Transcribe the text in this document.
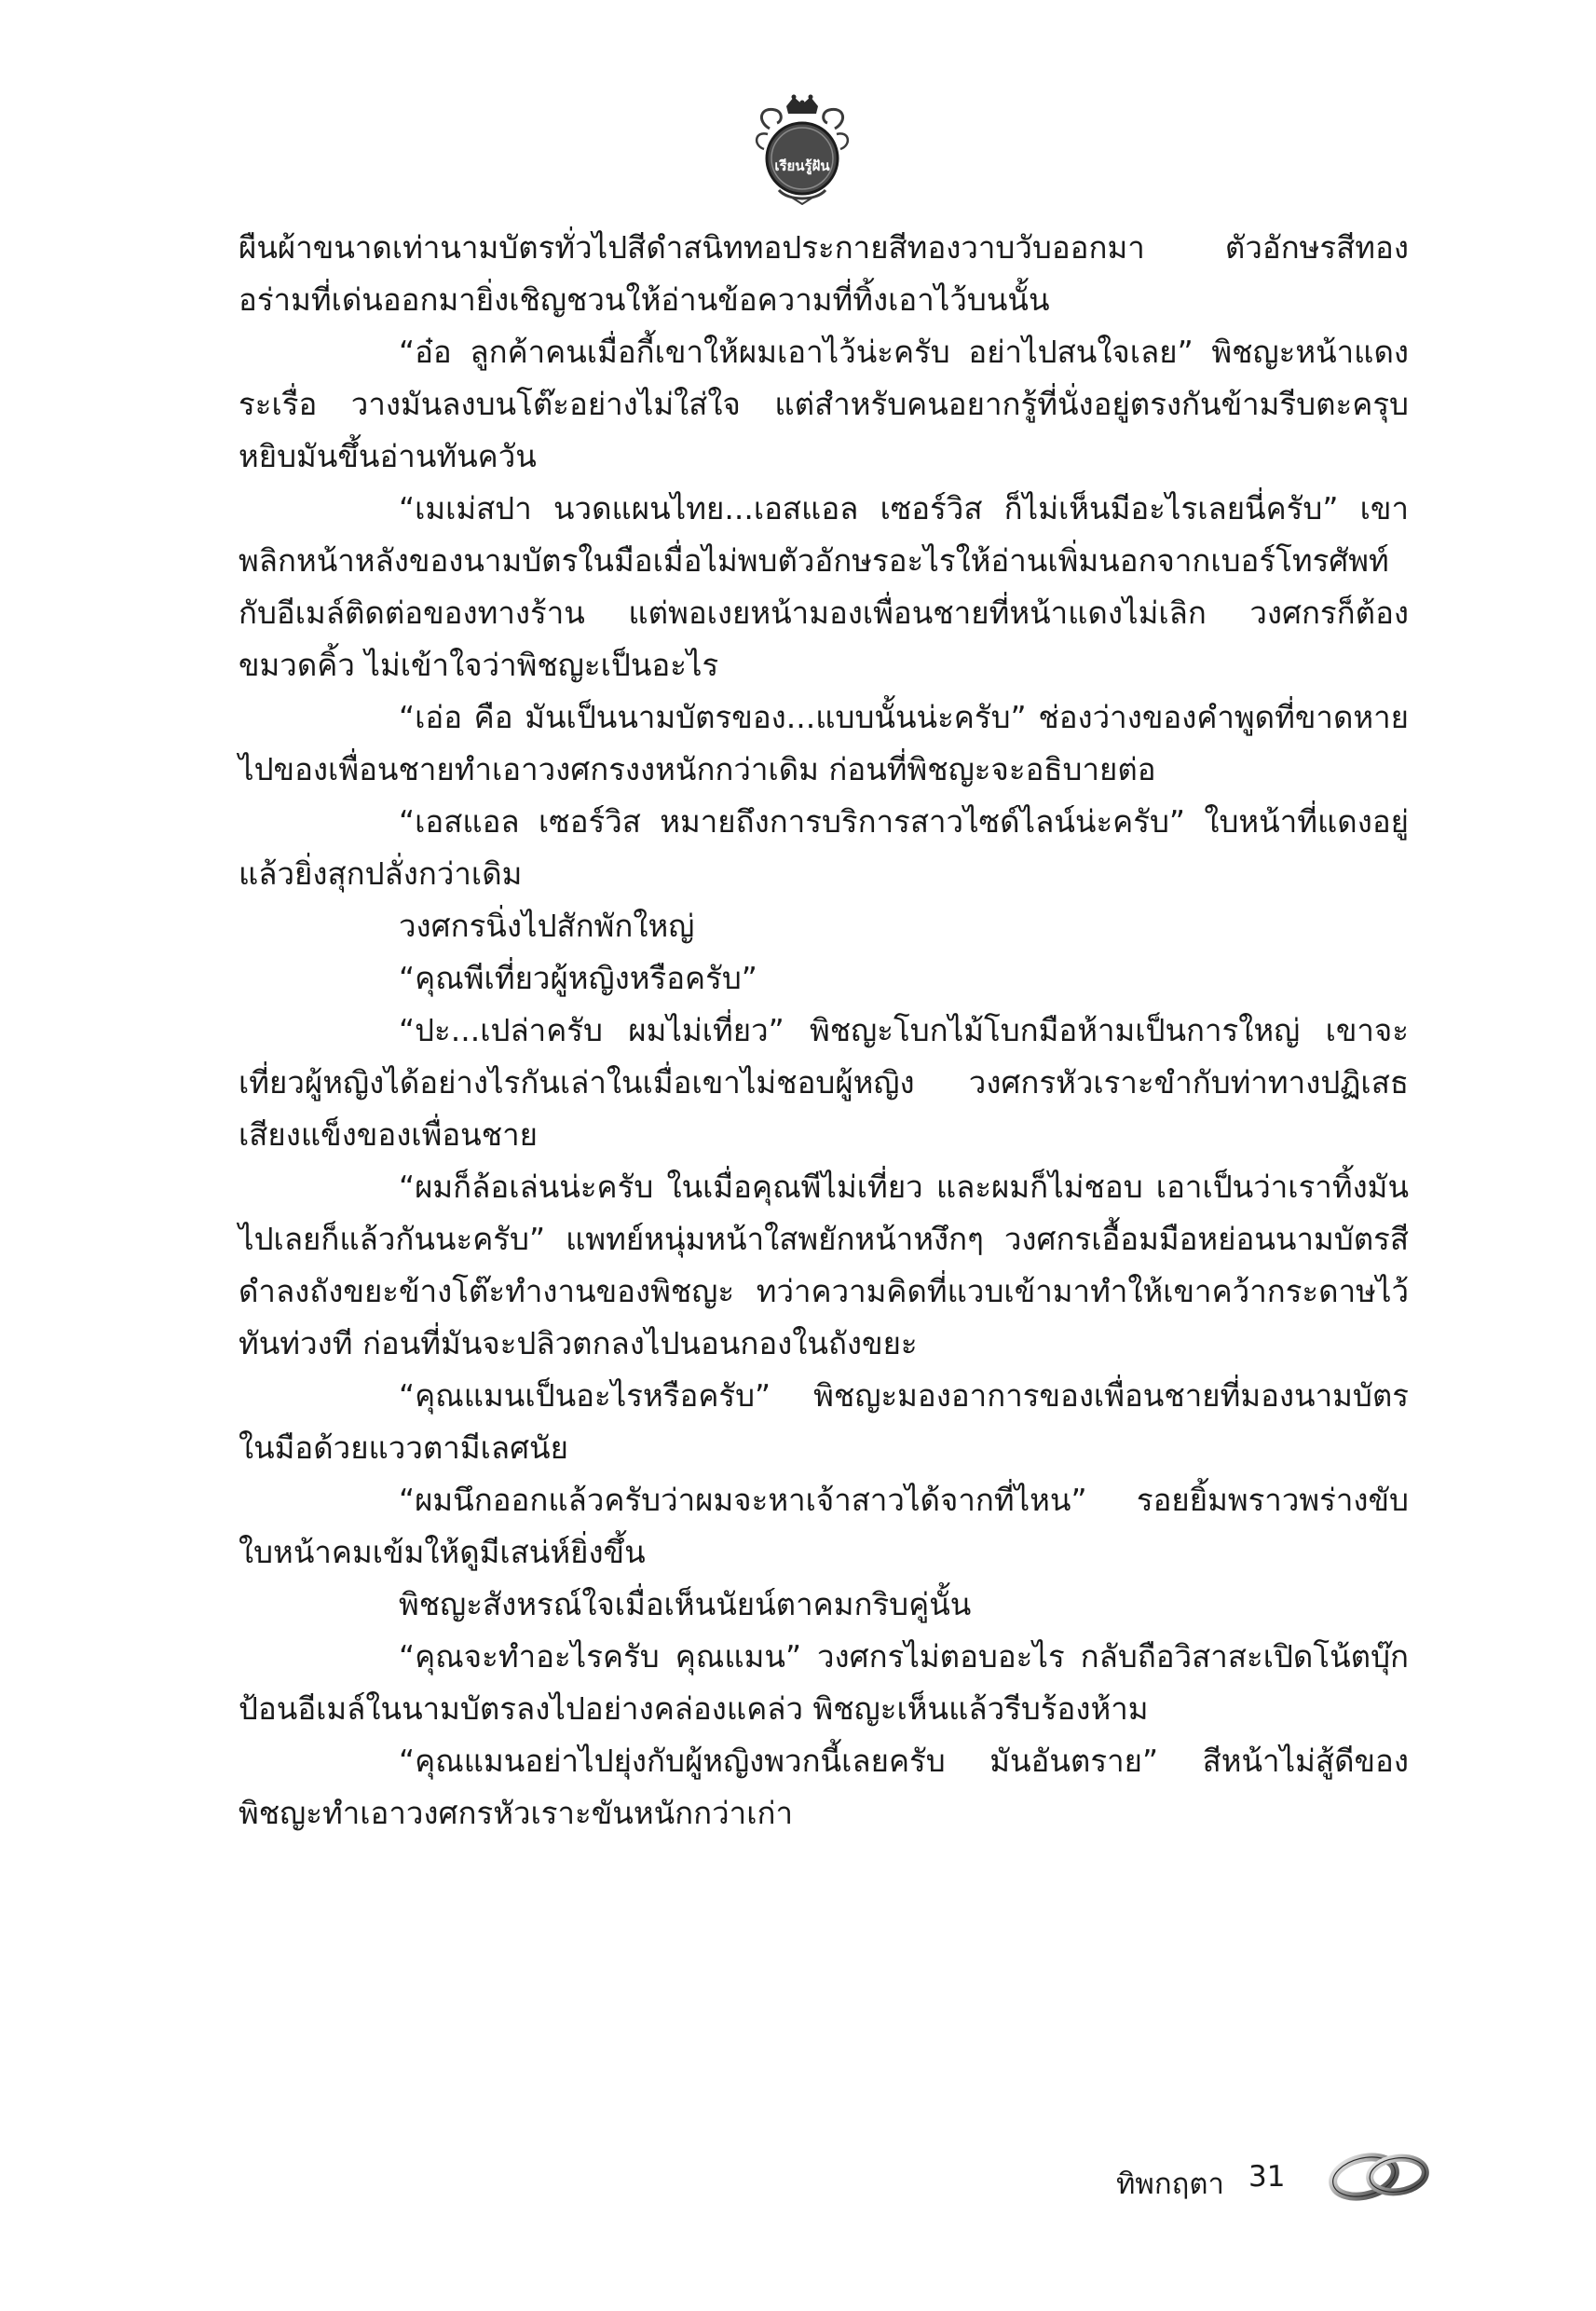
เรียนรู้ฝัน

ผืนผ้าขนาดเท่านามบัตรทั่วไปสีดำสนิททอประกายสีทองวาบวับออกมา ตัวอักษรสีทองอร่ามที่เด่นออกมายิ่งเชิญชวนให้อ่านข้อความที่ทิ้งเอาไว้บนนั้น

“อ๋อ ลูกค้าคนเมื่อกี้เขาให้ผมเอาไว้น่ะครับ อย่าไปสนใจเลย” พิชญะหน้าแดงระเรื่อ วางมันลงบนโต๊ะอย่างไม่ใส่ใจ แต่สำหรับคนอยากรู้ที่นั่งอยู่ตรงกันข้ามรีบตะครุบหยิบมันขึ้นอ่านทันควัน

“เมเม่สปา นวดแผนไทย...เอสแอล เซอร์วิส ก็ไม่เห็นมีอะไรเลยนี่ครับ” เขาพลิกหน้าหลังของนามบัตรในมือเมื่อไม่พบตัวอักษรอะไรให้อ่านเพิ่มนอกจากเบอร์โทรศัพท์ กับอีเมล์ติดต่อของทางร้าน แต่พอเงยหน้ามองเพื่อนชายที่หน้าแดงไม่เลิก วงศกรก็ต้องขมวดคิ้ว ไม่เข้าใจว่าพิชญะเป็นอะไร

“เอ่อ คือ มันเป็นนามบัตรของ...แบบนั้นน่ะครับ” ช่องว่างของคำพูดที่ขาดหายไปของเพื่อนชายทำเอาวงศกรงงหนักกว่าเดิม ก่อนที่พิชญะจะอธิบายต่อ

“เอสแอล เซอร์วิส หมายถึงการบริการสาวไซด์ไลน์น่ะครับ” ใบหน้าที่แดงอยู่แล้วยิ่งสุกปลั่งกว่าเดิม

วงศกรนิ่งไปสักพักใหญ่

“คุณพีเที่ยวผู้หญิงหรือครับ”

“ปะ...เปล่าครับ ผมไม่เที่ยว” พิชญะโบกไม้โบกมือห้ามเป็นการใหญ่ เขาจะเที่ยวผู้หญิงได้อย่างไรกันเล่าในเมื่อเขาไม่ชอบผู้หญิง วงศกรหัวเราะขำกับท่าทางปฏิเสธเสียงแข็งของเพื่อนชาย

“ผมก็ล้อเล่นน่ะครับ ในเมื่อคุณพีไม่เที่ยว และผมก็ไม่ชอบ เอาเป็นว่าเราทิ้งมันไปเลยก็แล้วกันนะครับ” แพทย์หนุ่มหน้าใสพยักหน้าหงึกๆ วงศกรเอื้อมมือหย่อนนามบัตรสีดำลงถังขยะข้างโต๊ะทำงานของพิชญะ ทว่าความคิดที่แวบเข้ามาทำให้เขาคว้ากระดาษไว้ทันท่วงที ก่อนที่มันจะปลิวตกลงไปนอนกองในถังขยะ

“คุณแมนเป็นอะไรหรือครับ” พิชญะมองอาการของเพื่อนชายที่มองนามบัตรในมือด้วยแววตามีเลศนัย

“ผมนึกออกแล้วครับว่าผมจะหาเจ้าสาวได้จากที่ไหน” รอยยิ้มพราวพร่างขับใบหน้าคมเข้มให้ดูมีเสน่ห์ยิ่งขึ้น

พิชญะสังหรณ์ใจเมื่อเห็นนัยน์ตาคมกริบคู่นั้น

“คุณจะทำอะไรครับ คุณแมน” วงศกรไม่ตอบอะไร กลับถือวิสาสะเปิดโน้ตบุ๊กป้อนอีเมล์ในนามบัตรลงไปอย่างคล่องแคล่ว พิชญะเห็นแล้วรีบร้องห้าม

“คุณแมนอย่าไปยุ่งกับผู้หญิงพวกนี้เลยครับ มันอันตราย” สีหน้าไม่สู้ดีของพิชญะทำเอาวงศกรหัวเราะขันหนักกว่าเก่า

ทิพกฤตา 31
